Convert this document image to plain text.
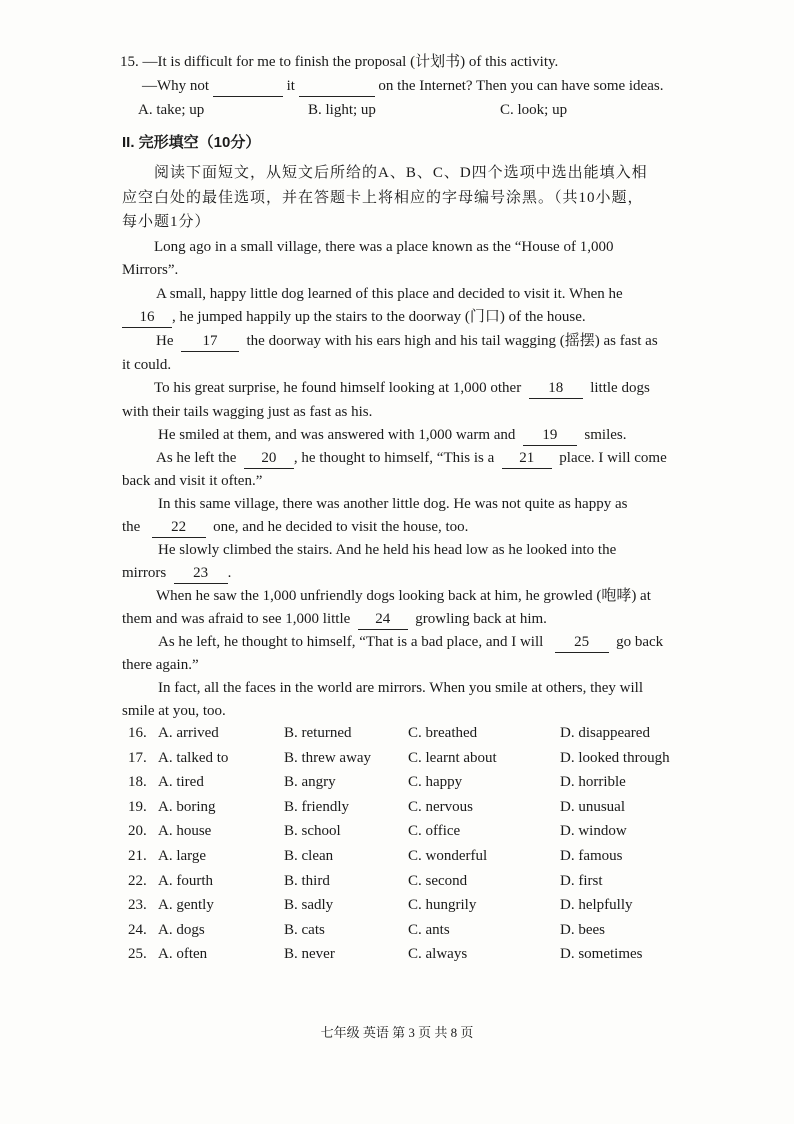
15. —It is difficult for me to finish the proposal (计划书) of this activity.
—Why not	it	on the Internet? Then you can have some ideas.
A. take; up	B. light; up	C. look; up
II. 完形填空（10分）
阅读下面短文，从短文后所给的A、B、C、D四个选项中选出能填入相
应空白处的最佳选项，并在答题卡上将相应的字母编号涂黑。（共10小题，
每小题1分）
Long ago in a small village, there was a place known as the “House of 1,000
Mirrors”.
A small, happy little dog learned of this place and decided to visit it. When he
16 , he jumped happily up the stairs to the doorway (门口) of the house.
He 17 the doorway with his ears high and his tail wagging (摇摆) as fast as
it could.
To his great surprise, he found himself looking at 1,000 other 18 little dogs
with their tails wagging just as fast as his.
He smiled at them, and was answered with 1,000 warm and 19 smiles.
As he left the 20 , he thought to himself, “This is a 21 place. I will come
back and visit it often.”
In this same village, there was another little dog. He was not quite as happy as
the 22 one, and he decided to visit the house, too.
He slowly climbed the stairs. And he held his head low as he looked into the
mirrors 23 .
When he saw the 1,000 unfriendly dogs looking back at him, he growled (咆哮) at
them and was afraid to see 1,000 little 24 growling back at him.
As he left, he thought to himself, “That is a bad place, and I will 25 go back
there again.”
In fact, all the faces in the world are mirrors. When you smile at others, they will
smile at you, too.
16. A. arrived	B. returned	C. breathed	D. disappeared
17. A. talked to	B. threw away C. learnt about	D. looked through
18. A. tired	B. angry	C. happy	D. horrible
19. A. boring	B. friendly	C. nervous	D. unusual
20. A. house	B. school	C. office	D. window
21. A. large	B. clean	C. wonderful	D. famous
22. A. fourth	B. third	C. second	D. first
23. A. gently	B. sadly	C. hungrily	D. helpfully
24. A. dogs	B. cats	C. ants	D. bees
25. A. often	B. never	C. always	D. sometimes
七年级 英语 第 3 页 共 8 页
